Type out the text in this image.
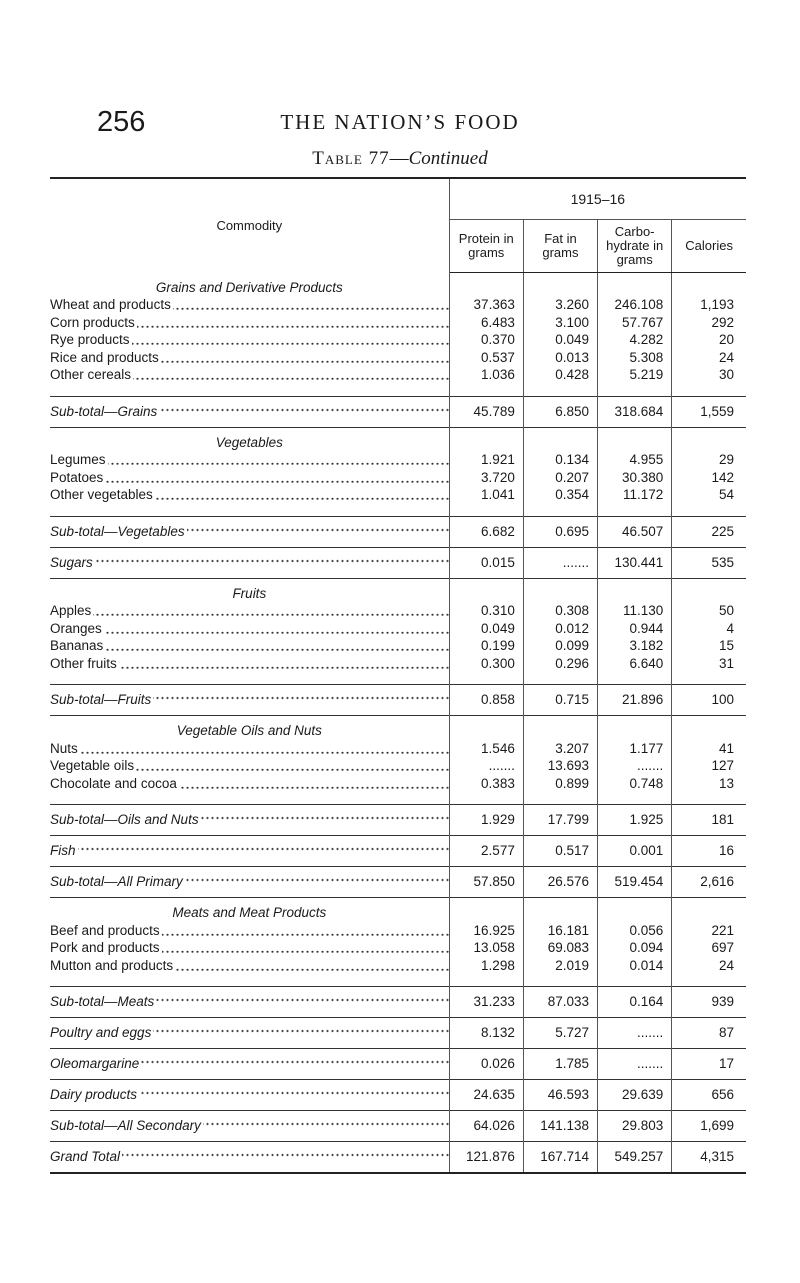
256	THE NATION’S FOOD
Table 77—Continued
Commodity	1915–16			
	Protein in grams	Fat in grams	Carbo-hydrate in grams	Calories
Grains and Derivative Products				
Wheat and products	37.363	3.260	246.108	1,193
Corn products	6.483	3.100	57.767	292
Rye products	0.370	0.049	4.282	20
Rice and products	0.537	0.013	5.308	24
Other cereals	1.036	0.428	5.219	30

Sub-total—Grains	45.789	6.850	318.684	1,559
Vegetables				
Legumes	1.921	0.134	4.955	29
Potatoes	3.720	0.207	30.380	142
Other vegetables	1.041	0.354	11.172	54

Sub-total—Vegetables	6.682	0.695	46.507	225
Sugars	0.015	.......	130.441	535
Fruits				
Apples	0.310	0.308	11.130	50
Oranges	0.049	0.012	0.944	4
Bananas	0.199	0.099	3.182	15
Other fruits	0.300	0.296	6.640	31

Sub-total—Fruits	0.858	0.715	21.896	100
Vegetable Oils and Nuts				
Nuts	1.546	3.207	1.177	41
Vegetable oils	.......	13.693	.......	127
Chocolate and cocoa	0.383	0.899	0.748	13

Sub-total—Oils and Nuts	1.929	17.799	1.925	181
Fish	2.577	0.517	0.001	16
Sub-total—All Primary	57.850	26.576	519.454	2,616
Meats and Meat Products				
Beef and products	16.925	16.181	0.056	221
Pork and products	13.058	69.083	0.094	697
Mutton and products	1.298	2.019	0.014	24

Sub-total—Meats	31.233	87.033	0.164	939
Poultry and eggs	8.132	5.727	.......	87
Oleomargarine	0.026	1.785	.......	17
Dairy products	24.635	46.593	29.639	656
Sub-total—All Secondary	64.026	141.138	29.803	1,699
Grand Total	121.876	167.714	549.257	4,315
